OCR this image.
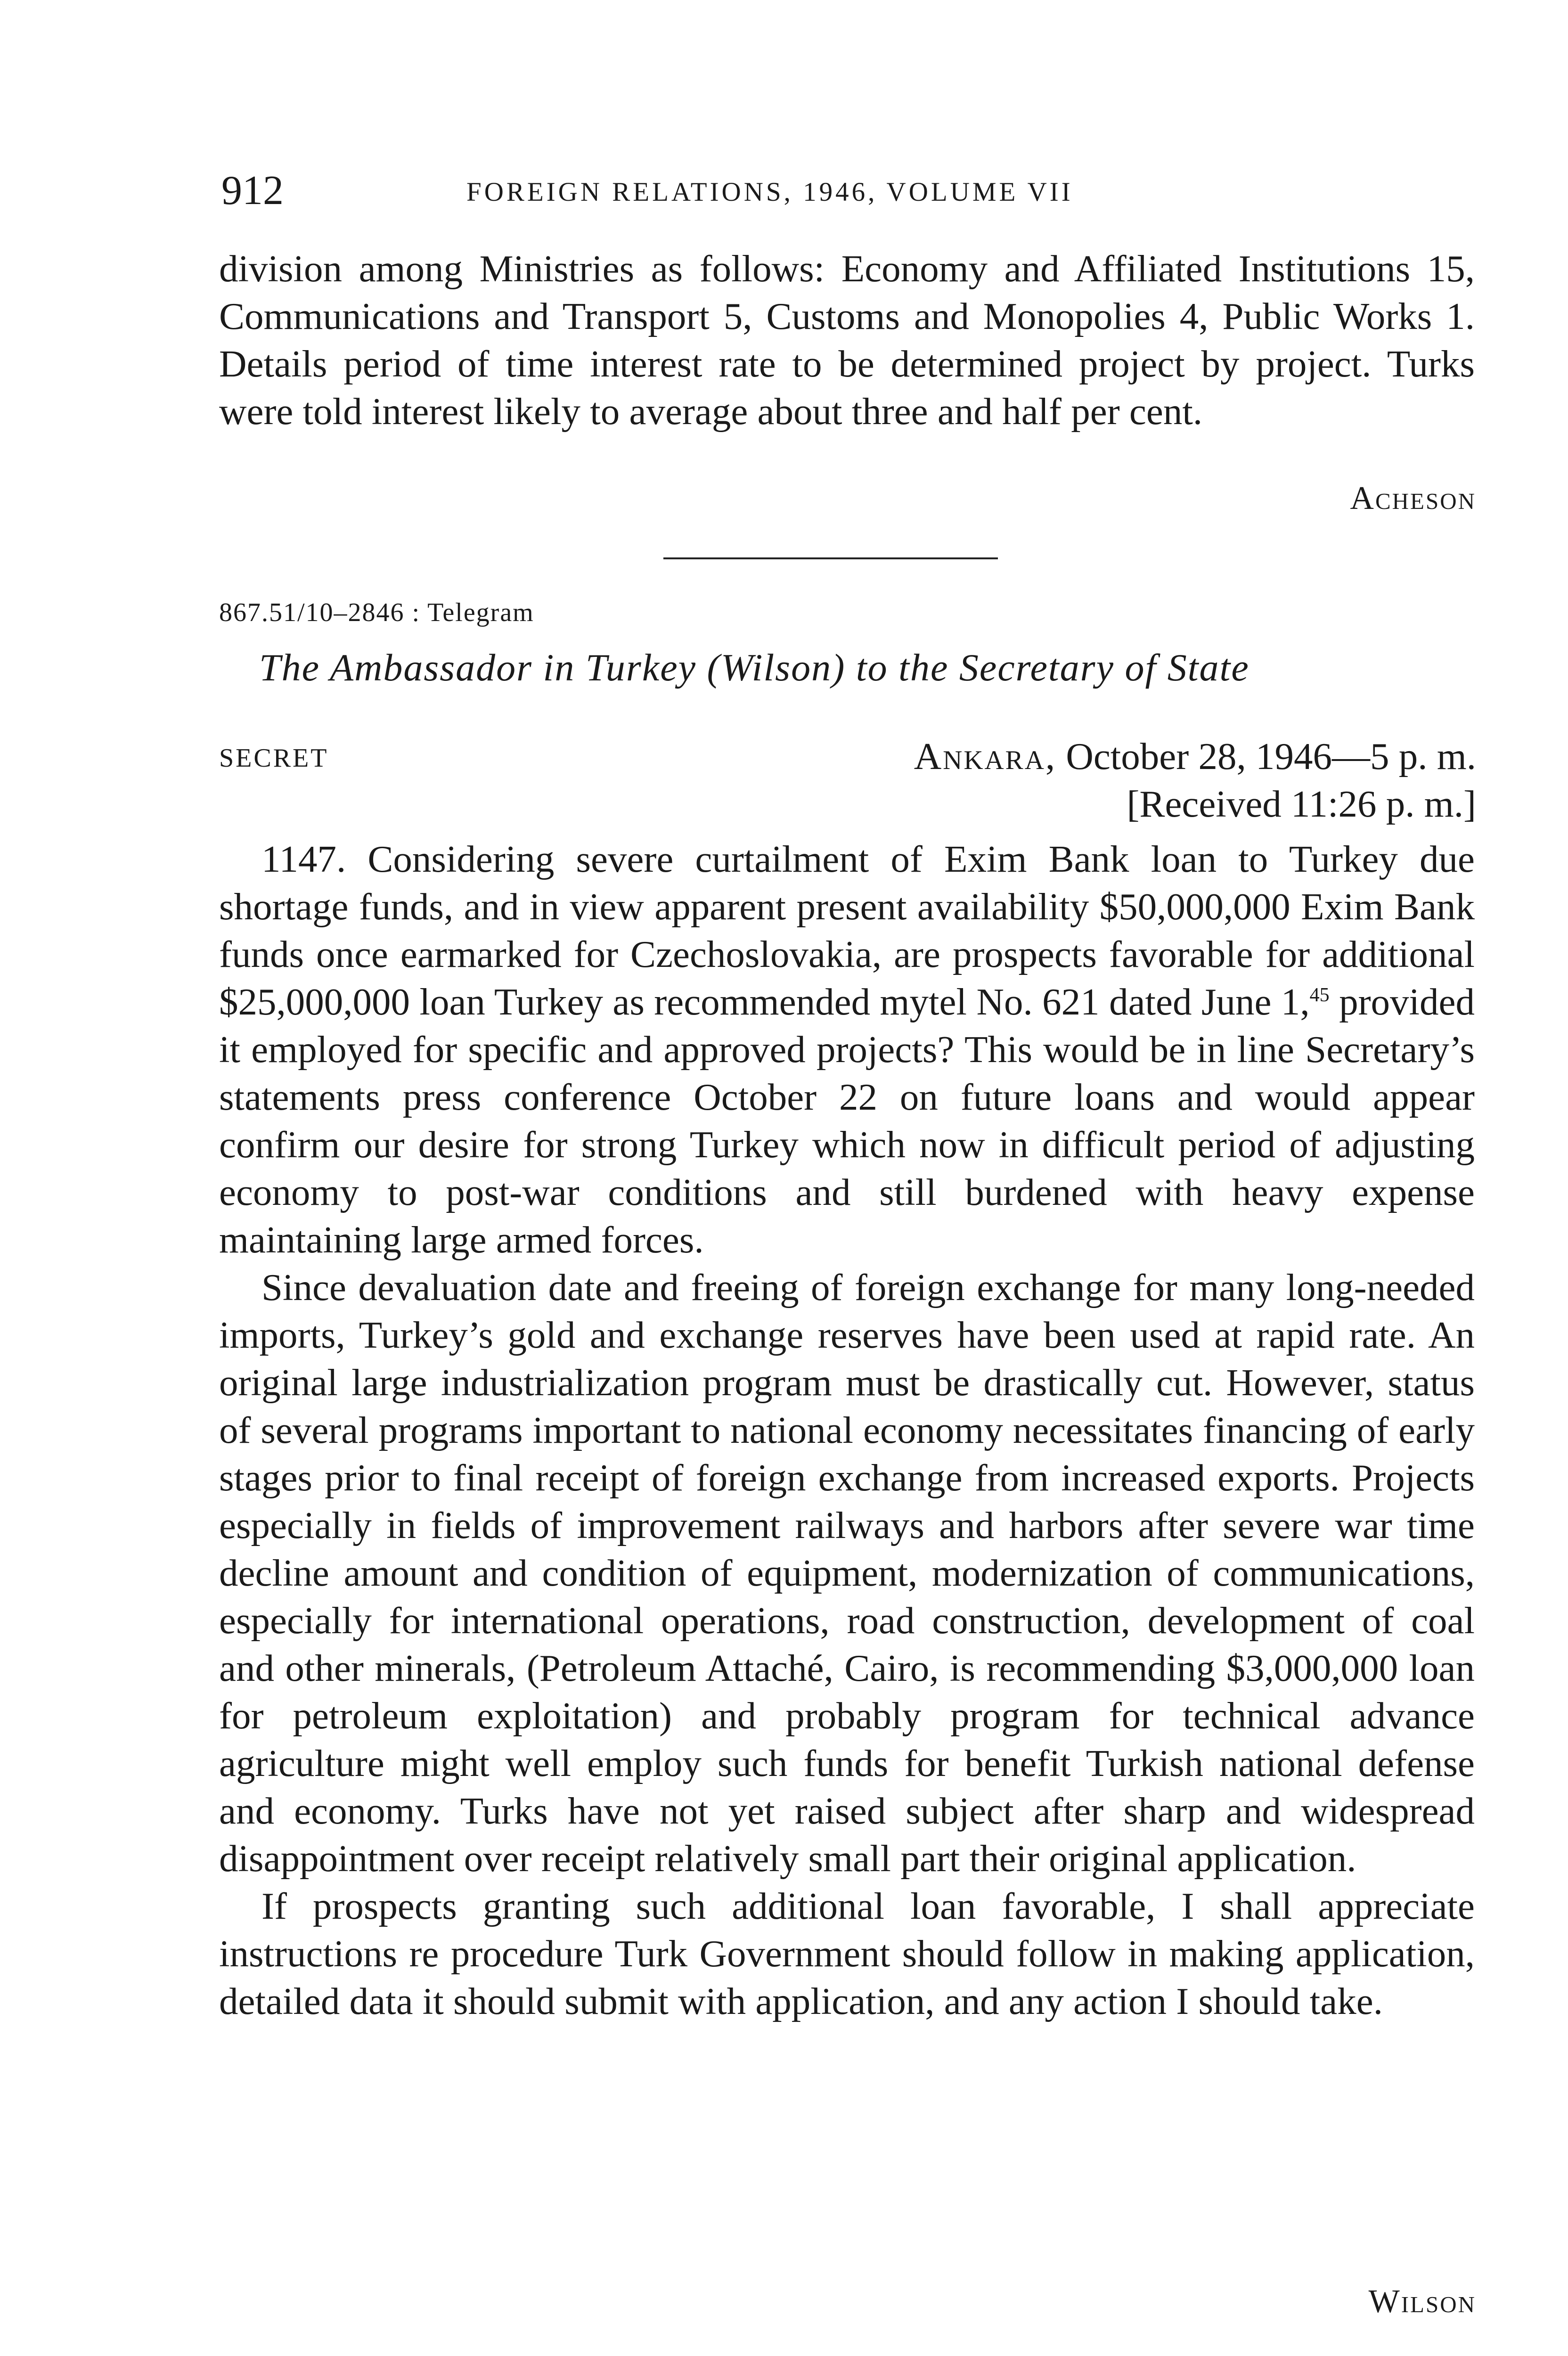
912	FOREIGN RELATIONS, 1946, VOLUME VII

division among Ministries as follows: Economy and Affiliated Institutions 15, Communications and Transport 5, Customs and Monopolies 4, Public Works 1. Details period of time interest rate to be determined project by project. Turks were told interest likely to average about three and half per cent.

Acheson
867.51/10–2846 : Telegram
The Ambassador in Turkey (Wilson) to the Secretary of State
SECRET	Ankara, October 28, 1946—5 p. m.
[Received 11:26 p. m.]

1147. Considering severe curtailment of Exim Bank loan to Turkey due shortage funds, and in view apparent present availability $50,000,000 Exim Bank funds once earmarked for Czechoslovakia, are prospects favorable for additional $25,000,000 loan Turkey as recommended mytel No. 621 dated June 1,45 provided it employed for specific and approved projects? This would be in line Secretary’s statements press conference October 22 on future loans and would appear confirm our desire for strong Turkey which now in difficult period of adjusting economy to post-war conditions and still burdened with heavy expense maintaining large armed forces.

Since devaluation date and freeing of foreign exchange for many long-needed imports, Turkey’s gold and exchange reserves have been used at rapid rate. An original large industrialization program must be drastically cut. However, status of several programs important to national economy necessitates financing of early stages prior to final receipt of foreign exchange from increased exports. Projects especially in fields of improvement railways and harbors after severe war time decline amount and condition of equipment, modernization of communications, especially for international operations, road construction, development of coal and other minerals, (Petroleum Attaché, Cairo, is recommending $3,000,000 loan for petroleum exploitation) and probably program for technical advance agriculture might well employ such funds for benefit Turkish national defense and economy. Turks have not yet raised subject after sharp and widespread disappointment over receipt relatively small part their original application.

If prospects granting such additional loan favorable, I shall appreciate instructions re procedure Turk Government should follow in making application, detailed data it should submit with application, and any action I should take.

Wilson
